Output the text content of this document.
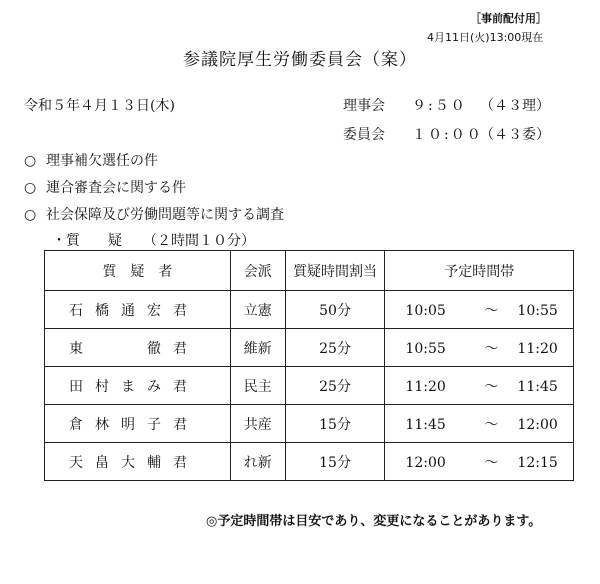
［事前配付用］
4月11日(火)13:00現在
参議院厚生労働委員会（案）
令和５年４月１３日(木)	理事会 ９:５０ （４３理）
委員会 １０:００
（４３委）
○ 理事補欠選任の件
○ 連合審査会に関する件
○ 社会保障及び労働問題等に関する調査
・質　　疑　　（２時間１０分）
質　疑　者	会派	質疑時間割当	予定時間帯

石 橋 通 宏 君	立憲	50分	10:05 ～ 10:55

東 徹 君	維新	25分	10:55 ～ 11:20

田 村 ま み 君	民主	25分	11:20 ～ 11:45

倉 林 明 子 君	共産	15分	11:45 ～ 12:00

天 畠 大 輔 君	れ新	15分	12:00 ～ 12:15
◎予定時間帯は目安であり、変更になることがあります。
